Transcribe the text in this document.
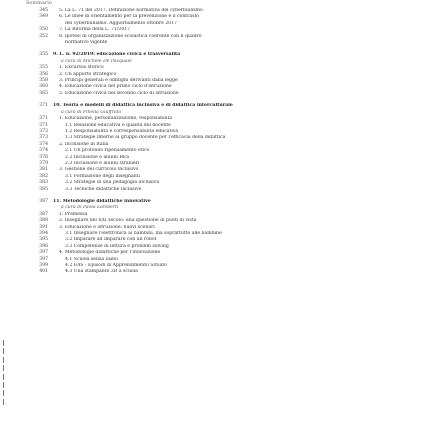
Sommario
345	5. La L. 71 del 2017. Definizione normativa del cyberbullismo
349	6. Le linee di orientamento per la prevenzione e il contrasto
del cyberbullismo. Aggiornamento ottobre 2017
350	7. La Riforma della L. 71/2017
352	8. Ipotesi di organizzazione scolastica coerente con il quadro
normativo vigente
355	9. L. n. 92/2019: educazione civica e trasversalità
a cura di Michele De Pasquale
355	1. Excursus storico
356	2. Un apporto strategico
358	3. Principi generali e obblighi derivanti dalla legge
360	4. Educazione civica nel primo ciclo d'istruzione
365	5. Educazione civica nel secondo ciclo di istruzione
371	10. Teoria e modelli di didattica inclusiva e di didattica interculturale
a cura di Pinella Giuffrida
371	1. Educazione, personalizzazione, responsabilità
371	1.1 Relazione educativa e qualità del docente
372	1.2 Responsabilità e corresponsabilità educativa
373	1.3 Strategie interne al gruppo docente per l'efficacia della didattica
374	2. Inclusione in Italia
374	2.1 Un profondo ripensamento etico
376	2.2 Inclusione e alunni BES
379	2.3 Inclusione e alunni stranieri
381	3. Gestione del curricolo inclusivo
382	3.1 Formazione degli insegnanti
383	3.2 Strategie di una pedagogia inclusiva
385	3.3 Tecniche didattiche inclusive
387	11. Metodologie didattiche innovative
a cura di Paola Lamberti
387	1. Premessa
388	2. Insegnare nel XXI secolo: una questione di punti di vista
391	3. Educazione e istruzione: nuovi scenari
394	3.1 Insegnare l'elettronica ai bambini, ma soprattutto alle bambine
395	3.2 Imparare ad imparare con un robot
396	3.3 Competenze di lettura e problem solving
397	4. Metodologie didattiche per l'innovazione
397	4.1 Scuola senza zaino
399	4.2 EAS - Episodi di Apprendimento Situato
401	4.3 Una stampante 3D a scuola
